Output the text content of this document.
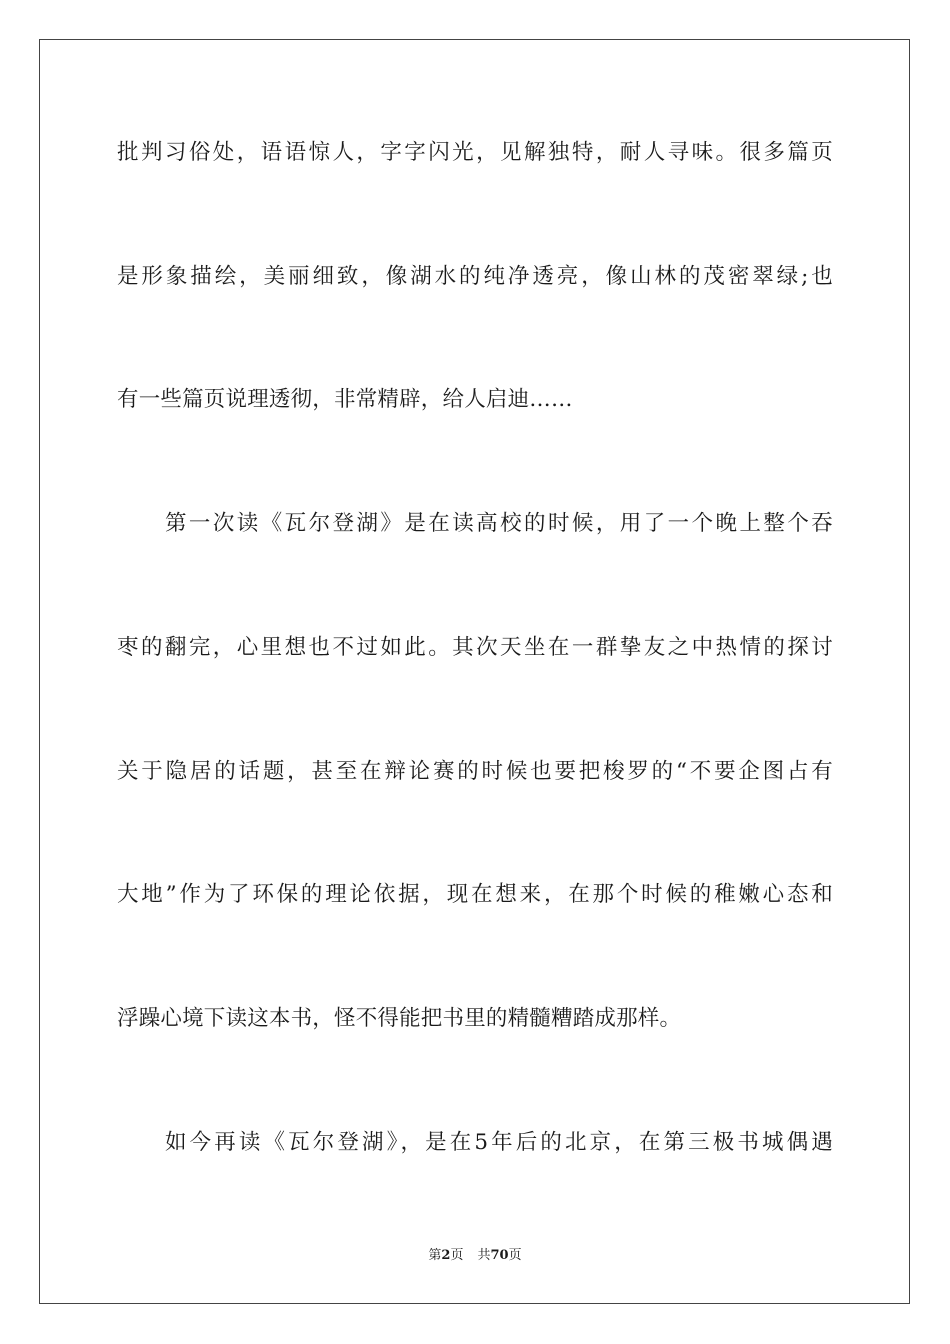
批判习俗处，语语惊人，字字闪光，见解独特，耐人寻味。很多篇页
是形象描绘，美丽细致，像湖水的纯净透亮，像山林的茂密翠绿;也
有一些篇页说理透彻，非常精辟，给人启迪……
第一次读《瓦尔登湖》是在读高校的时候，用了一个晚上整个吞
枣的翻完，心里想也不过如此。其次天坐在一群挚友之中热情的探讨
关于隐居的话题，甚至在辩论赛的时候也要把梭罗的“不要企图占有
大地”作为了环保的理论依据，现在想来，在那个时候的稚嫩心态和
浮躁心境下读这本书，怪不得能把书里的精髓糟踏成那样。
如今再读《瓦尔登湖》，是在5年后的北京，在第三极书城偶遇
第2页 共70页
